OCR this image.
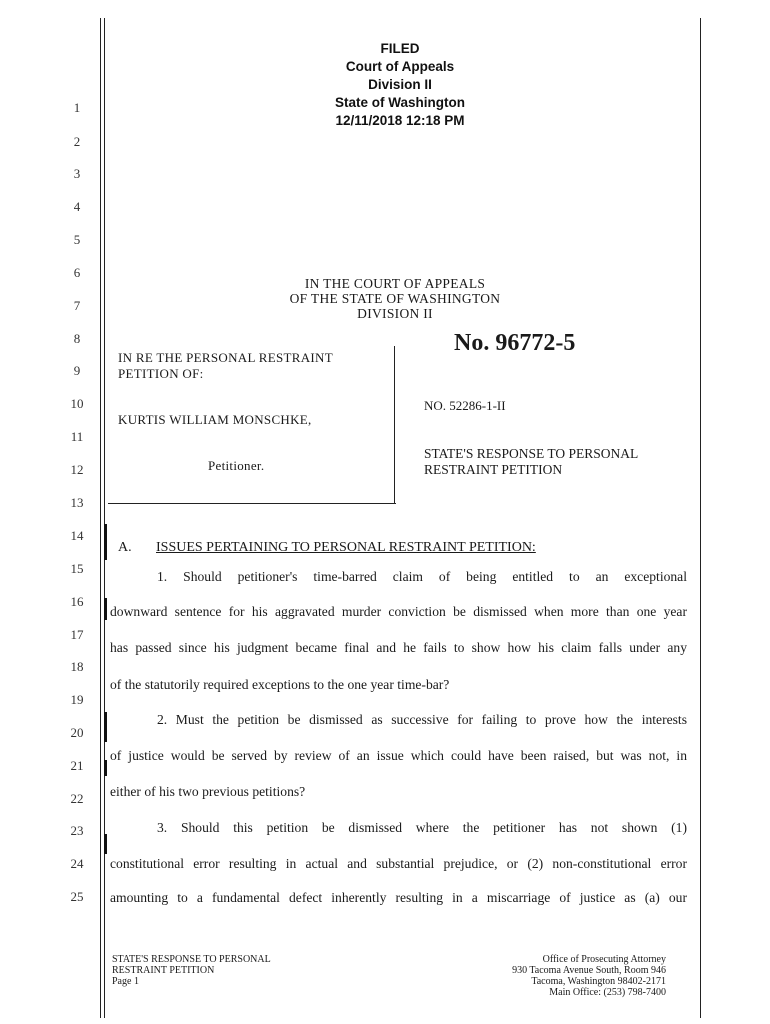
1
2
3
4
5
6
7
8
9
10
11
12
13
14
15
16
17
18
19
20
21
22
23
24
25
FILED
Court of Appeals
Division II
State of Washington
12/11/2018 12:18 PM
IN THE COURT OF APPEALS
OF THE STATE OF WASHINGTON
DIVISION II
No. 96772-5
IN RE THE PERSONAL RESTRAINT
PETITION OF:
KURTIS WILLIAM MONSCHKE,
Petitioner.
NO. 52286-1-II
STATE'S RESPONSE TO PERSONAL
RESTRAINT PETITION
A. ISSUES PERTAINING TO PERSONAL RESTRAINT PETITION:
1. Should petitioner's time-barred claim of being entitled to an exceptional
downward sentence for his aggravated murder conviction be dismissed when more than one year
has passed since his judgment became final and he fails to show how his claim falls under any
of the statutorily required exceptions to the one year time-bar?
2. Must the petition be dismissed as successive for failing to prove how the interests
of justice would be served by review of an issue which could have been raised, but was not, in
either of his two previous petitions?
3. Should this petition be dismissed where the petitioner has not shown (1)
constitutional error resulting in actual and substantial prejudice, or (2) non-constitutional error
amounting to a fundamental defect inherently resulting in a miscarriage of justice as (a) our
STATE'S RESPONSE TO PERSONAL
RESTRAINT PETITION
Page 1
Office of Prosecuting Attorney
930 Tacoma Avenue South, Room 946
Tacoma, Washington 98402-2171
Main Office: (253) 798-7400
